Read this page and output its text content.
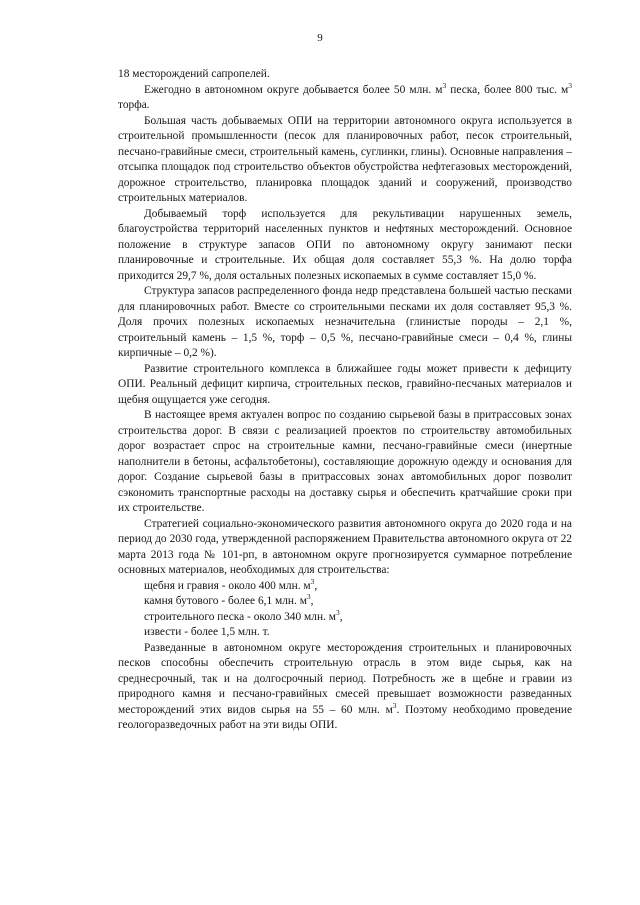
9

18 месторождений сапропелей.

Ежегодно в автономном округе добывается более 50 млн. $м^3$ песка, более 800 тыс. $м^3$ торфа.

Большая часть добываемых ОПИ на территории автономного округа используется в строительной промышленности (песок для планировочных работ, песок строительный, песчано-гравийные смеси, строительный камень, суглинки, глины). Основные направления – отсыпка площадок под строительство объектов обустройства нефтегазовых месторождений, дорожное строительство, планировка площадок зданий и сооружений, производство строительных материалов.

Добываемый торф используется для рекультивации нарушенных земель, благоустройства территорий населенных пунктов и нефтяных месторождений. Основное положение в структуре запасов ОПИ по автономному округу занимают пески планировочные и строительные. Их общая доля составляет 55,3 %. На долю торфа приходится 29,7 %, доля остальных полезных ископаемых в сумме составляет 15,0 %.

Структура запасов распределенного фонда недр представлена большей частью песками для планировочных работ. Вместе со строительными песками их доля составляет 95,3 %. Доля прочих полезных ископаемых незначительна (глинистые породы – 2,1 %, строительный камень – 1,5 %, торф – 0,5 %, песчано-гравийные смеси – 0,4 %, глины кирпичные – 0,2 %).

Развитие строительного комплекса в ближайшее годы может привести к дефициту ОПИ. Реальный дефицит кирпича, строительных песков, гравийно-песчаных материалов и щебня ощущается уже сегодня.

В настоящее время актуален вопрос по созданию сырьевой базы в притрассовых зонах строительства дорог. В связи с реализацией проектов по строительству автомобильных дорог возрастает спрос на строительные камни, песчано-гравийные смеси (инертные наполнители в бетоны, асфальтобетоны), составляющие дорожную одежду и основания для дорог. Создание сырьевой базы в притрассовых зонах автомобильных дорог позволит сэкономить транспортные расходы на доставку сырья и обеспечить кратчайшие сроки при их строительстве.

Стратегией социально-экономического развития автономного округа до 2020 года и на период до 2030 года, утвержденной распоряжением Правительства автономного округа от 22 марта 2013 года № 101-рп, в автономном округе прогнозируется суммарное потребление основных материалов, необходимых для строительства:

щебня и гравия - около 400 млн. $м^3$,
камня бутового - более 6,1 млн. $м^3$,
строительного песка - около 340 млн. $м^3$,
извести - более 1,5 млн. т.

Разведанные в автономном округе месторождения строительных и планировочных песков способны обеспечить строительную отрасль в этом виде сырья, как на среднесрочный, так и на долгосрочный период. Потребность же в щебне и гравии из природного камня и песчано-гравийных смесей превышает возможности разведанных месторождений этих видов сырья на 55 – 60 млн. $м^3$. Поэтому необходимо проведение геологоразведочных работ на эти виды ОПИ.
